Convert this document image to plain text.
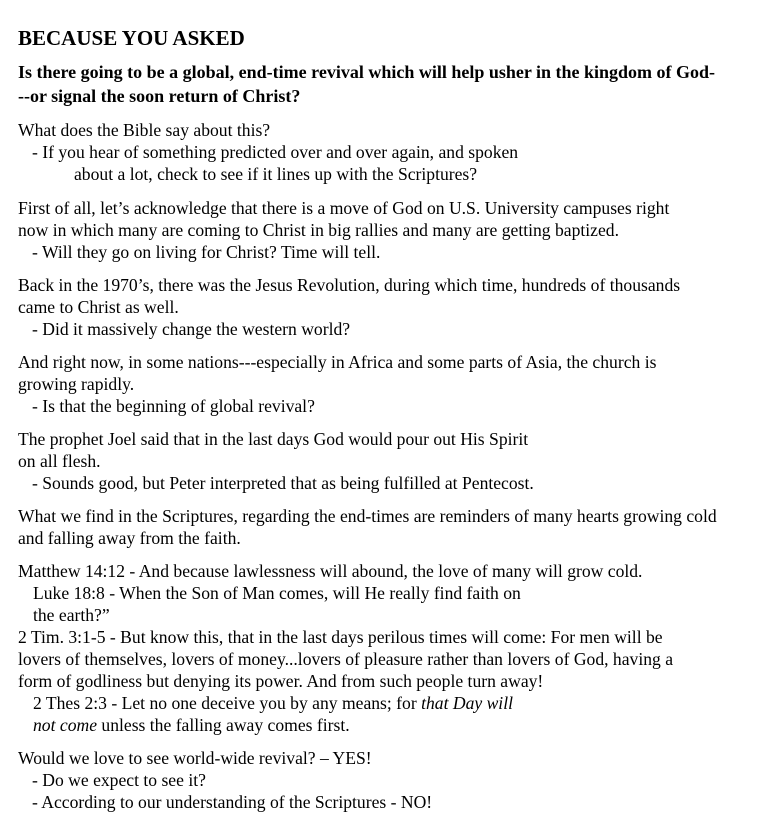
BECAUSE YOU ASKED
Is there going to be a global, end-time revival which will help usher in the kingdom of God-
--or signal the soon return of Christ?
What does the Bible say about this?
- If you hear of something predicted over and over again, and spoken
about a lot, check to see if it lines up with the Scriptures?
First of all, let’s acknowledge that there is a move of God on U.S. University campuses right
now in which many are coming to Christ in big rallies and many are getting baptized.
- Will they go on living for Christ? Time will tell.
Back in the 1970’s, there was the Jesus Revolution, during which time, hundreds of thousands
came to Christ as well.
- Did it massively change the western world?
And right now, in some nations---especially in Africa and some parts of Asia, the church is
growing rapidly.
- Is that the beginning of global revival?
The prophet Joel said that in the last days God would pour out His Spirit
on all flesh.
- Sounds good, but Peter interpreted that as being fulfilled at Pentecost.
What we find in the Scriptures, regarding the end-times are reminders of many hearts growing cold
and falling away from the faith.
Matthew 14:12 - And because lawlessness will abound, the love of many will grow cold.
Luke 18:8 - When the Son of Man comes, will He really find faith on
the earth?”
2 Tim. 3:1-5 - But know this, that in the last days perilous times will come: For men will be
lovers of themselves, lovers of money...lovers of pleasure rather than lovers of God, having a
form of godliness but denying its power. And from such people turn away!
2 Thes 2:3 - Let no one deceive you by any means; for that Day will
not come unless the falling away comes first.
Would we love to see world-wide revival? – YES!
- Do we expect to see it?
- According to our understanding of the Scriptures - NO!
